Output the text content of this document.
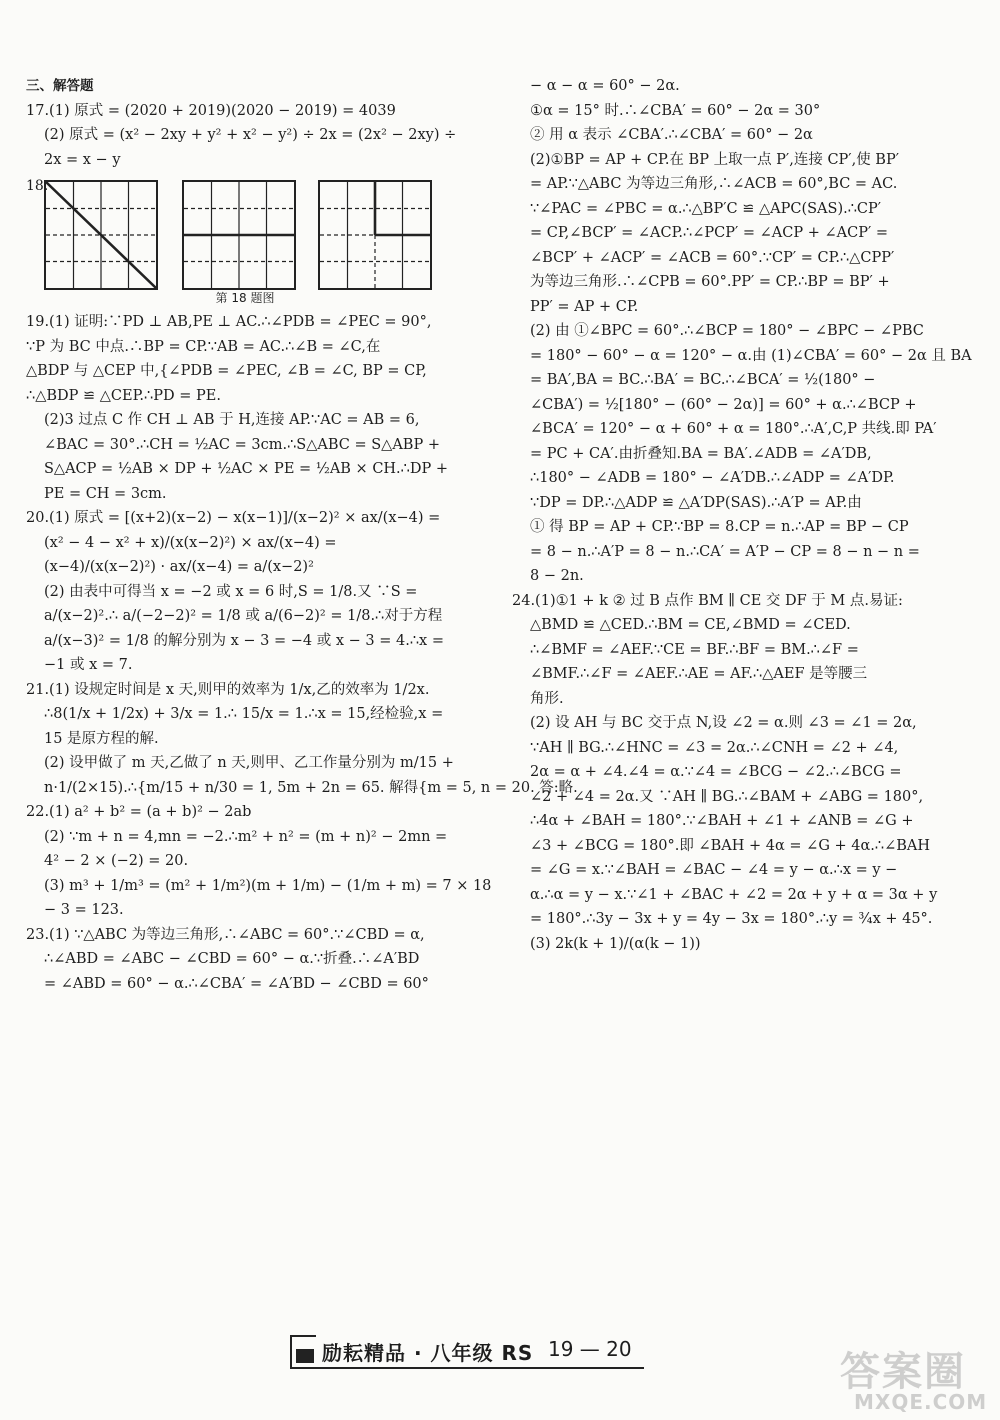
三、解答题
17.(1) 原式 = (2020 + 2019)(2020 − 2019) = 4039
(2) 原式 = (x² − 2xy + y² + x² − y²) ÷ 2x = (2x² − 2xy) ÷
2x = x − y
18.
第 18 题图
19.(1) 证明:∵PD ⊥ AB,PE ⊥ AC.∴∠PDB = ∠PEC = 90°,
∵P 为 BC 中点.∴BP = CP.∵AB = AC.∴∠B = ∠C,在
△BDP 与 △CEP 中,{∠PDB = ∠PEC, ∠B = ∠C, BP = CP,
∴△BDP ≌ △CEP.∴PD = PE.
(2)3 过点 C 作 CH ⊥ AB 于 H,连接 AP.∵AC = AB = 6,
∠BAC = 30°.∴CH = ½AC = 3cm.∴S△ABC = S△ABP +
S△ACP = ½AB × DP + ½AC × PE = ½AB × CH.∴DP +
PE = CH = 3cm.
20.(1) 原式 = [(x+2)(x−2) − x(x−1)]/(x−2)² × ax/(x−4) =
(x² − 4 − x² + x)/(x(x−2)²) × ax/(x−4) =
(x−4)/(x(x−2)²) · ax/(x−4) = a/(x−2)²
(2) 由表中可得当 x = −2 或 x = 6 时,S = 1/8.又 ∵S =
a/(x−2)².∴ a/(−2−2)² = 1/8 或 a/(6−2)² = 1/8.∴对于方程
a/(x−3)² = 1/8 的解分别为 x − 3 = −4 或 x − 3 = 4.∴x =
−1 或 x = 7.
21.(1) 设规定时间是 x 天,则甲的效率为 1/x,乙的效率为 1/2x.
∴8(1/x + 1/2x) + 3/x = 1.∴ 15/x = 1.∴x = 15,经检验,x =
15 是原方程的解.
(2) 设甲做了 m 天,乙做了 n 天,则甲、乙工作量分别为 m/15 +
n·1/(2×15).∴{m/15 + n/30 = 1, 5m + 2n = 65. 解得{m = 5, n = 20. 答:略.
22.(1) a² + b² = (a + b)² − 2ab
(2) ∵m + n = 4,mn = −2.∴m² + n² = (m + n)² − 2mn =
4² − 2 × (−2) = 20.
(3) m³ + 1/m³ = (m² + 1/m²)(m + 1/m) − (1/m + m) = 7 × 18
− 3 = 123.
23.(1) ∵△ABC 为等边三角形,∴∠ABC = 60°.∵∠CBD = α,
∴∠ABD = ∠ABC − ∠CBD = 60° − α.∵折叠.∴∠A′BD
= ∠ABD = 60° − α.∴∠CBA′ = ∠A′BD − ∠CBD = 60°
− α − α = 60° − 2α.
①α = 15° 时.∴∠CBA′ = 60° − 2α = 30°
② 用 α 表示 ∠CBA′.∴∠CBA′ = 60° − 2α
(2)①BP = AP + CP.在 BP 上取一点 P′,连接 CP′,使 BP′
= AP.∵△ABC 为等边三角形,∴∠ACB = 60°,BC = AC.
∵∠PAC = ∠PBC = α.∴△BP′C ≌ △APC(SAS).∴CP′
= CP,∠BCP′ = ∠ACP.∴∠PCP′ = ∠ACP + ∠ACP′ =
∠BCP′ + ∠ACP′ = ∠ACB = 60°.∵CP′ = CP.∴△CPP′
为等边三角形.∴∠CPB = 60°.PP′ = CP.∴BP = BP′ +
PP′ = AP + CP.
(2) 由 ①∠BPC = 60°.∴∠BCP = 180° − ∠BPC − ∠PBC
= 180° − 60° − α = 120° − α.由 (1)∠CBA′ = 60° − 2α 且 BA
= BA′,BA = BC.∴BA′ = BC.∴∠BCA′ = ½(180° −
∠CBA′) = ½[180° − (60° − 2α)] = 60° + α.∴∠BCP +
∠BCA′ = 120° − α + 60° + α = 180°.∴A′,C,P 共线.即 PA′
= PC + CA′.由折叠知.BA = BA′.∠ADB = ∠A′DB,
∴180° − ∠ADB = 180° − ∠A′DB.∴∠ADP = ∠A′DP.
∵DP = DP.∴△ADP ≌ △A′DP(SAS).∴A′P = AP.由
① 得 BP = AP + CP.∵BP = 8.CP = n.∴AP = BP − CP
= 8 − n.∴A′P = 8 − n.∴CA′ = A′P − CP = 8 − n − n =
8 − 2n.
24.(1)①1 + k ② 过 B 点作 BM ∥ CE 交 DF 于 M 点.易证:
△BMD ≌ △CED.∴BM = CE,∠BMD = ∠CED.
∴∠BMF = ∠AEF.∵CE = BF.∴BF = BM.∴∠F =
∠BMF.∴∠F = ∠AEF.∴AE = AF.∴△AEF 是等腰三
角形.
(2) 设 AH 与 BC 交于点 N,设 ∠2 = α.则 ∠3 = ∠1 = 2α,
∵AH ∥ BG.∴∠HNC = ∠3 = 2α.∴∠CNH = ∠2 + ∠4,
2α = α + ∠4.∠4 = α.∵∠4 = ∠BCG − ∠2.∴∠BCG =
∠2 + ∠4 = 2α.又 ∵AH ∥ BG.∴∠BAM + ∠ABG = 180°,
∴4α + ∠BAH = 180°.∵∠BAH + ∠1 + ∠ANB = ∠G +
∠3 + ∠BCG = 180°.即 ∠BAH + 4α = ∠G + 4α.∴∠BAH
= ∠G = x.∵∠BAH = ∠BAC − ∠4 = y − α.∴x = y −
α.∴α = y − x.∵∠1 + ∠BAC + ∠2 = 2α + y + α = 3α + y
= 180°.∴3y − 3x + y = 4y − 3x = 180°.∴y = ¾x + 45°.
(3) 2k(k + 1)/(α(k − 1))
励耘精品 · 八年级 RS 19 — 20	答案圈
MXQE.COM
